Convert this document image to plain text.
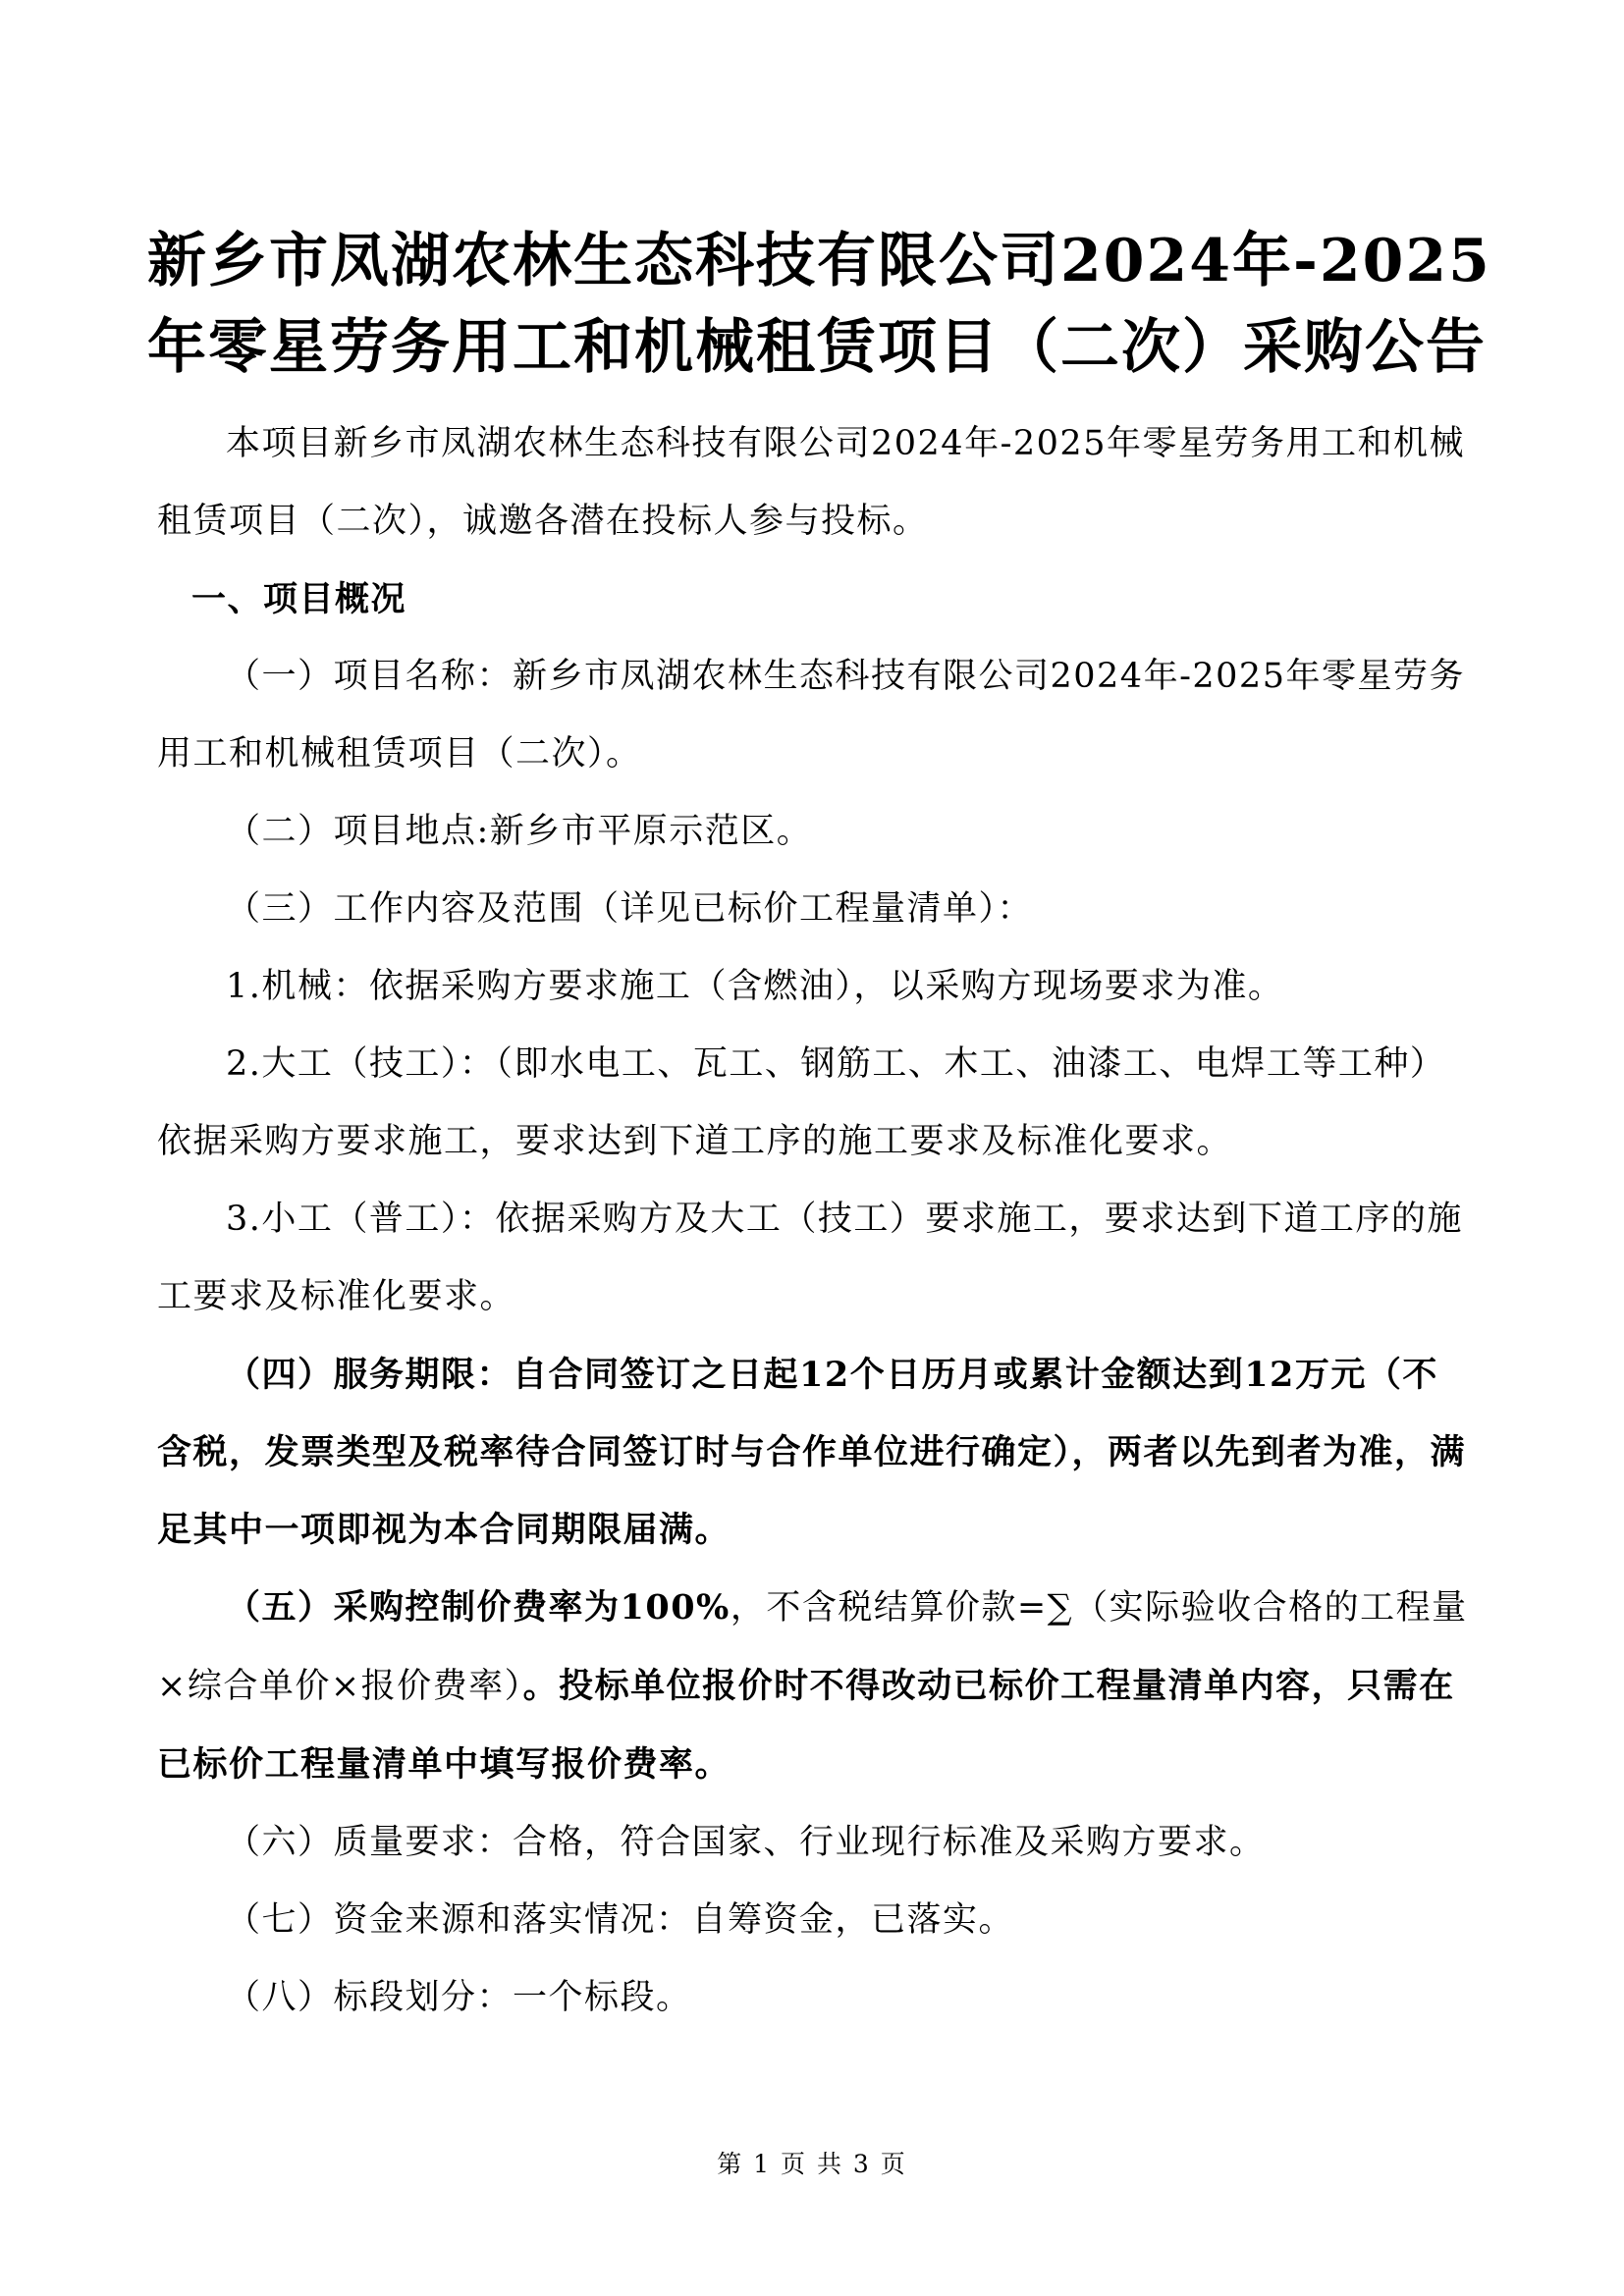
新乡市凤湖农林生态科技有限公司2024年-2025
年零星劳务用工和机械租赁项目（二次）采购公告

本项目新乡市凤湖农林生态科技有限公司2024年-2025年零星劳务用工和机械租赁项目（二次），诚邀各潜在投标人参与投标。

一、项目概况

（一）项目名称：新乡市凤湖农林生态科技有限公司2024年-2025年零星劳务用工和机械租赁项目（二次）。

（二）项目地点:新乡市平原示范区。

（三）工作内容及范围（详见已标价工程量清单）：

1.机械：依据采购方要求施工（含燃油），以采购方现场要求为准。

2.大工（技工）：（即水电工、瓦工、钢筋工、木工、油漆工、电焊工等工种）依据采购方要求施工，要求达到下道工序的施工要求及标准化要求。

3.小工（普工）：依据采购方及大工（技工）要求施工，要求达到下道工序的施工要求及标准化要求。

（四）服务期限：自合同签订之日起12个日历月或累计金额达到12万元（不含税，发票类型及税率待合同签订时与合作单位进行确定），两者以先到者为准，满足其中一项即视为本合同期限届满。

（五）采购控制价费率为100%，不含税结算价款=∑（实际验收合格的工程量×综合单价×报价费率）。投标单位报价时不得改动已标价工程量清单内容，只需在已标价工程量清单中填写报价费率。

（六）质量要求：合格，符合国家、行业现行标准及采购方要求。

（七）资金来源和落实情况：自筹资金，已落实。

（八）标段划分：一个标段。

第 1 页 共 3 页
